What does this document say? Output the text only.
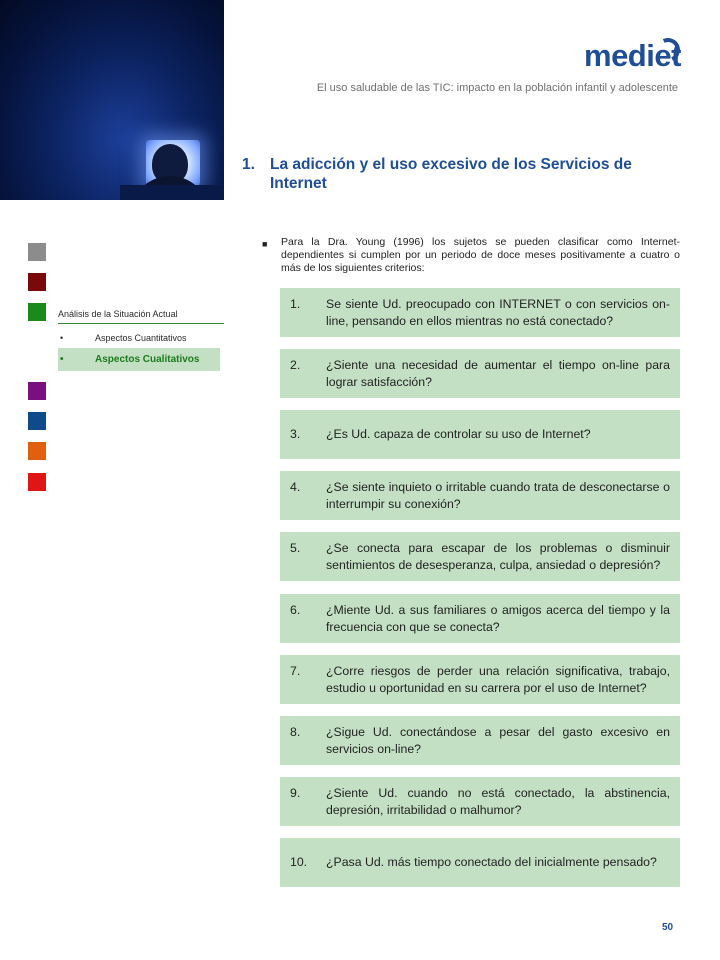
mediet
El uso saludable de las TIC: impacto en la población infantil y adolescente
1. La adicción y el uso excesivo de los Servicios de Internet
Análisis de la Situación Actual
•	Aspectos Cuantitativos
•	Aspectos Cualitativos
■	Para la Dra. Young (1996) los sujetos se pueden clasificar como Internet-dependientes si cumplen por un periodo de doce meses positivamente a cuatro o más de los siguientes criterios:
1.	Se siente Ud. preocupado con INTERNET o con servicios on-line, pensando en ellos mientras no está conectado?
2.	¿Siente una necesidad de aumentar el tiempo on-line para lograr satisfacción?
3.	¿Es Ud. capaza de controlar su uso de Internet?
4.	¿Se siente inquieto o irritable cuando trata de desconectarse o interrumpir su conexión?
5.	¿Se conecta para escapar de los problemas o disminuir sentimientos de desesperanza, culpa, ansiedad o depresión?
6.	¿Miente Ud. a sus familiares o amigos acerca del tiempo y la frecuencia con que se conecta?
7.	¿Corre riesgos de perder una relación significativa, trabajo, estudio u oportunidad en su carrera por el uso de Internet?
8.	¿Sigue Ud. conectándose a pesar del gasto excesivo en servicios on-line?
9.	¿Siente Ud. cuando no está conectado, la abstinencia, depresión, irritabilidad o malhumor?
10.	¿Pasa Ud. más tiempo conectado del inicialmente pensado?
50
